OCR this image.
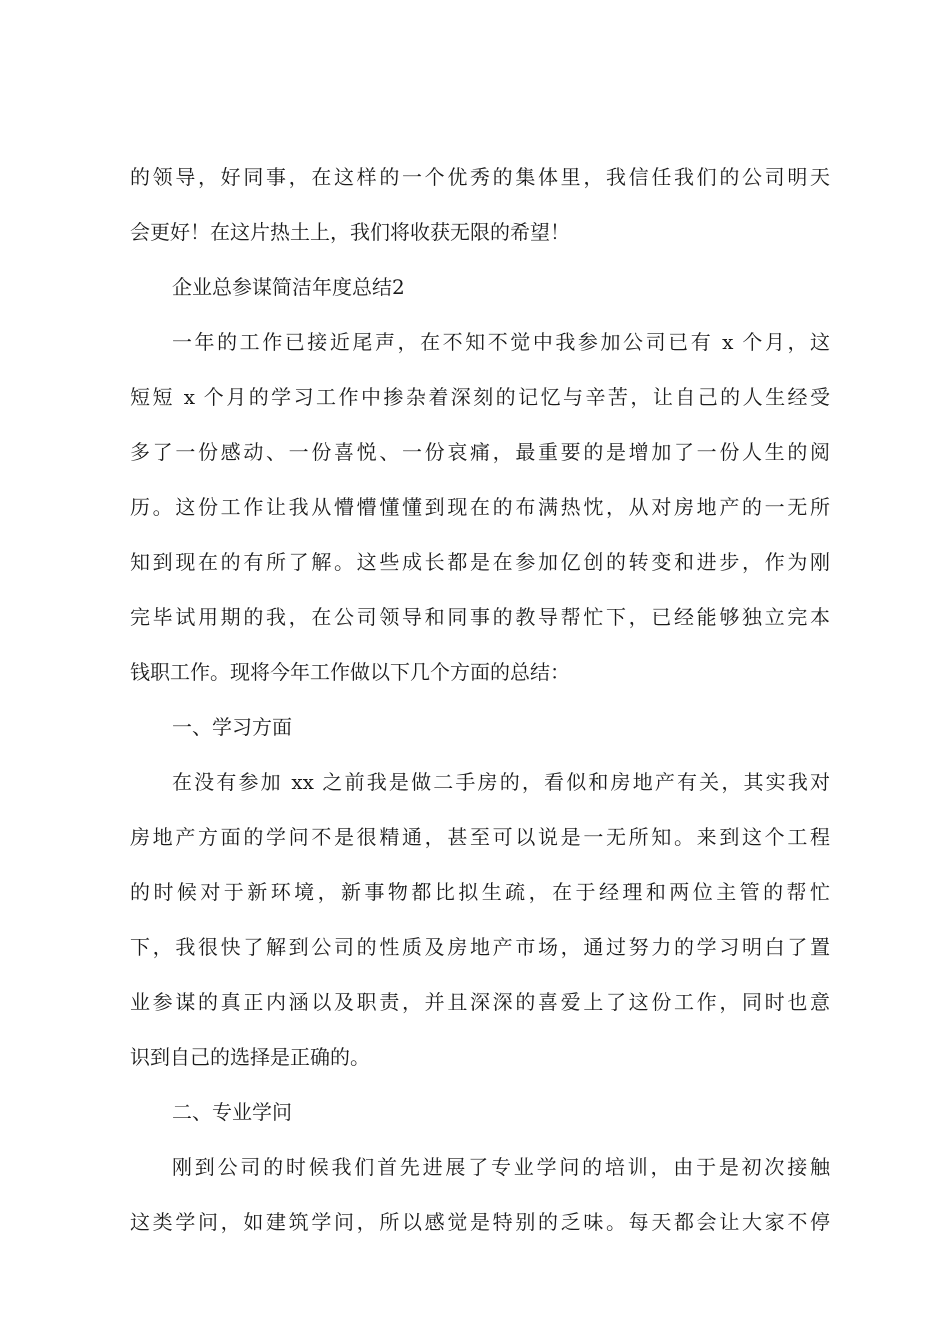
的领导，好同事，在这样的一个优秀的集体里，我信任我们的公司明天
会更好！在这片热土上，我们将收获无限的希望！
企业总参谋简洁年度总结2
一年的工作已接近尾声，在不知不觉中我参加公司已有 x 个月，这
短短 x 个月的学习工作中掺杂着深刻的记忆与辛苦，让自己的人生经受
多了一份感动、一份喜悦、一份哀痛，最重要的是增加了一份人生的阅
历。这份工作让我从懵懵懂懂到现在的布满热忱，从对房地产的一无所
知到现在的有所了解。这些成长都是在参加亿创的转变和进步，作为刚
完毕试用期的我，在公司领导和同事的教导帮忙下，已经能够独立完本
钱职工作。现将今年工作做以下几个方面的总结：
一、学习方面
在没有参加 xx 之前我是做二手房的，看似和房地产有关，其实我对
房地产方面的学问不是很精通，甚至可以说是一无所知。来到这个工程
的时候对于新环境，新事物都比拟生疏，在于经理和两位主管的帮忙
下，我很快了解到公司的性质及房地产市场，通过努力的学习明白了置
业参谋的真正内涵以及职责，并且深深的喜爱上了这份工作，同时也意
识到自己的选择是正确的。
二、专业学问
刚到公司的时候我们首先进展了专业学问的培训，由于是初次接触
这类学问，如建筑学问，所以感觉是特别的乏味。每天都会让大家不停
